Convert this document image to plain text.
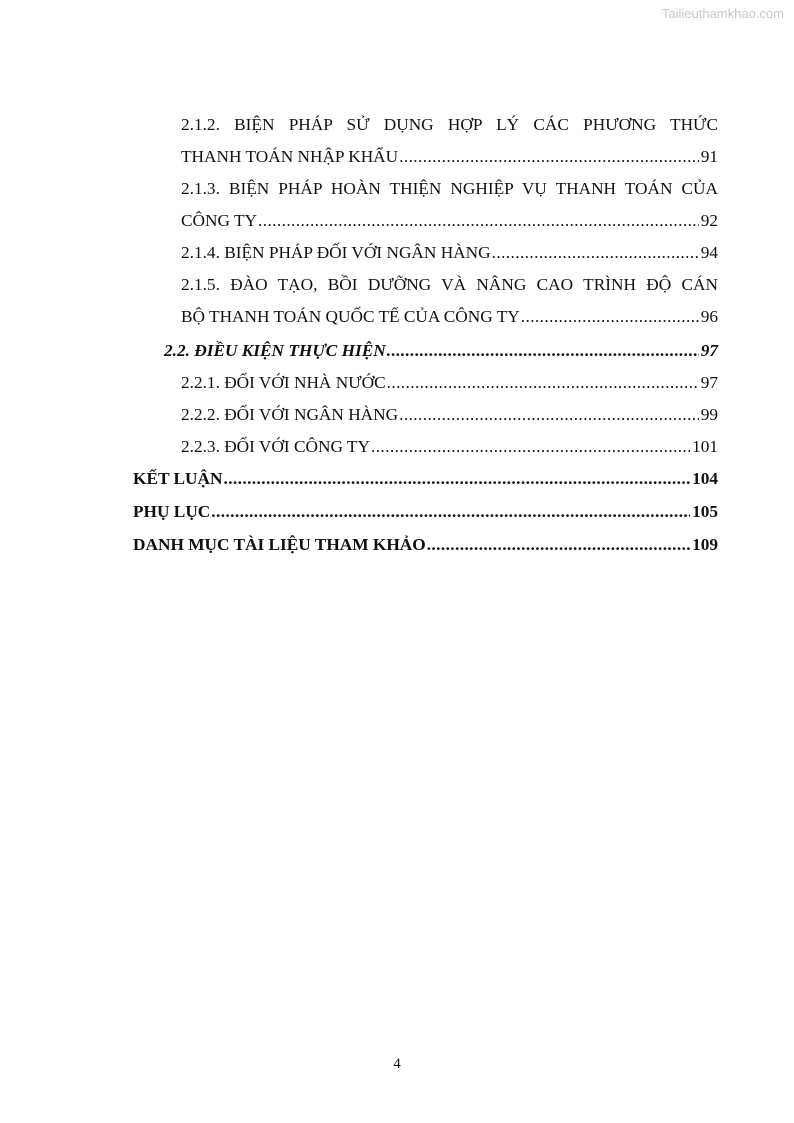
Tailieuthamkhao.com
2.1.2. BIỆN PHÁP SỬ DỤNG HỢP LÝ CÁC PHƯƠNG THỨC
THANH TOÁN NHẬP KHẨU .....	91
2.1.3. BIỆN PHÁP HOÀN THIỆN NGHIỆP VỤ THANH TOÁN CỦA
CÔNG TY .....	92
2.1.4. BIỆN PHÁP ĐỐI VỚI NGÂN HÀNG .....	94
2.1.5. ĐÀO TẠO, BỒI DƯỠNG VÀ NÂNG CAO TRÌNH ĐỘ CÁN
BỘ THANH TOÁN QUỐC TẾ CỦA CÔNG TY .....	96
2.2. ĐIỀU KIỆN THỰC HIỆN .....	97
2.2.1. ĐỐI VỚI NHÀ NƯỚC .....	97
2.2.2. ĐỐI VỚI NGÂN HÀNG .....	99
2.2.3. ĐỐI VỚI CÔNG TY .....	101
KẾT LUẬN .....	104
PHỤ LỤC .....	105
DANH MỤC TÀI LIỆU THAM KHẢO .....	109
4
